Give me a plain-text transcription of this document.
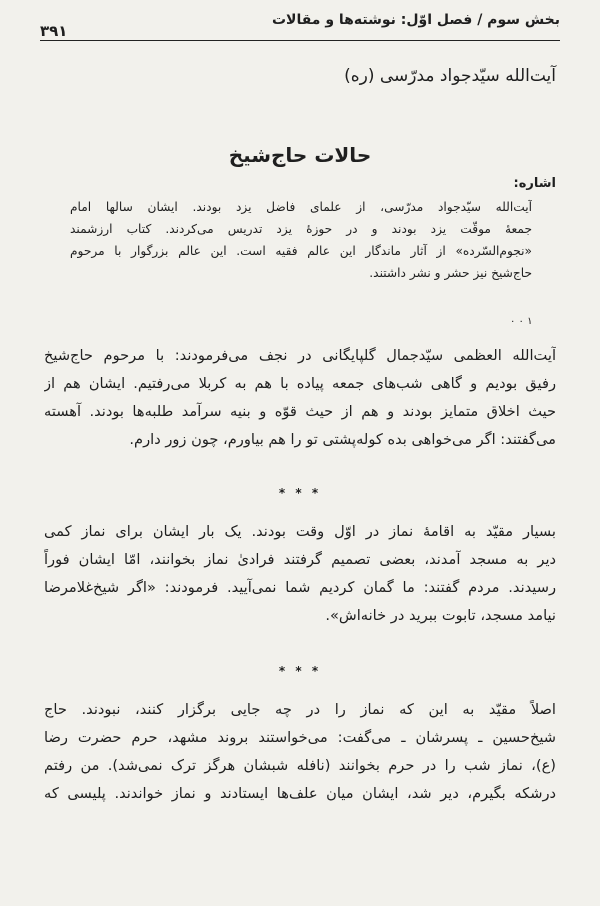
بخش سوم / فصل اوّل: نوشته‌ها و مقالات
۳۹۱
آیت‌الله سیّدجواد مدرّسی (ره)
حالات حاج‌شیخ
اشاره:
آیت‌الله سیّدجواد مدرّسی، از علمای فاضل یزد بودند. ایشان سالها امام
جمعهٔ موقّت یزد بودند و در حوزهٔ یزد تدریس می‌کردند. کتاب ارزشمند
«نجوم‌السّرده» از آثار ماندگار این عالم فقیه است. این عالم بزرگوار با مرحوم
حاج‌شیخ نیز حشر و نشر داشتند.
۰ ۰ ۱
آیت‌الله العظمی سیّدجمال گلپایگانی در نجف می‌فرمودند: با مرحوم حاج‌شیخ
رفیق بودیم و گاهی شب‌های جمعه پیاده با هم به کربلا می‌رفتیم. ایشان هم از
حیث اخلاق متمایز بودند و هم از حیث قوّه و بنیه سرآمد طلبه‌ها بودند. آهسته
می‌گفتند: اگر می‌خواهی بده کوله‌پشتی تو را هم بیاورم، چون زور دارم.
* * *
بسیار مقیّد به اقامهٔ نماز در اوّل وقت بودند. یک بار ایشان برای نماز کمی
دیر به مسجد آمدند، بعضی تصمیم گرفتند فرادیٰ نماز بخوانند، امّا ایشان فوراً
رسیدند. مردم گفتند: ما گمان کردیم شما نمی‌آیید. فرمودند: «اگر شیخ‌غلامرضا
نیامد مسجد، تابوت ببرید در خانه‌اش».
* * *
اصلاً مقیّد به این که نماز را در چه جایی برگزار کنند، نبودند. حاج
شیخ‌حسین ـ پسرشان ـ می‌گفت: می‌خواستند بروند مشهد، حرم حضرت رضا
(ع)، نماز شب را در حرم بخوانند (نافله شبشان هرگز ترک نمی‌شد). من رفتم
درشکه بگیرم، دیر شد، ایشان میان علف‌ها ایستادند و نماز خواندند. پلیسی که
